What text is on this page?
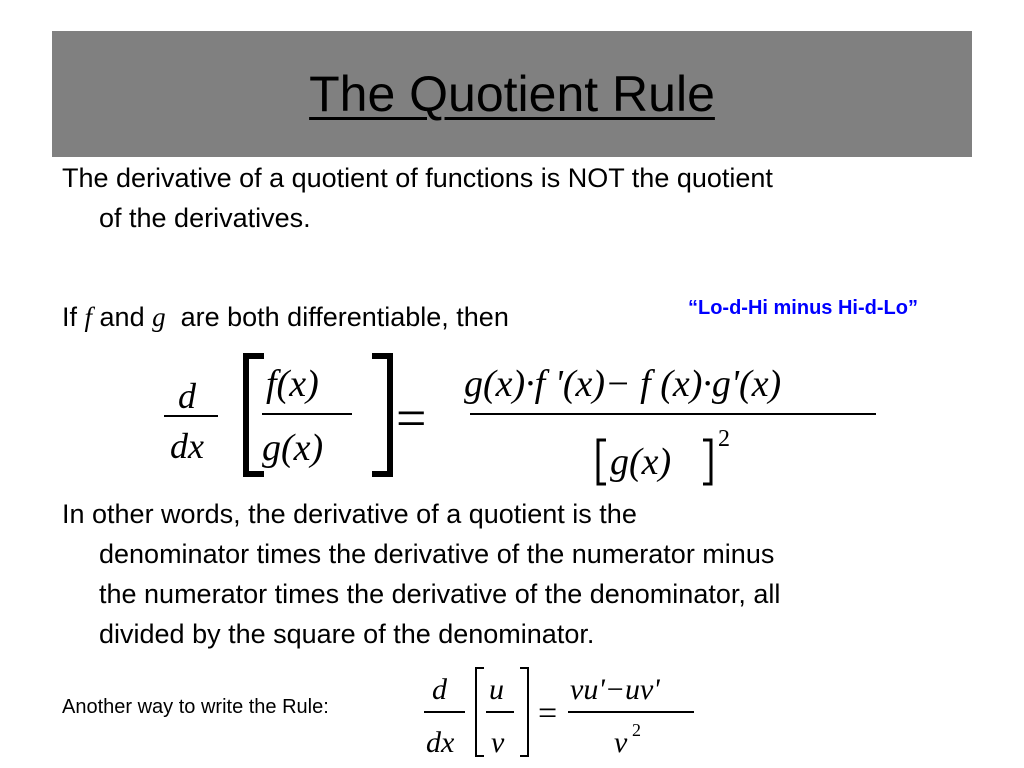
The Quotient Rule
The derivative of a quotient of functions is NOT the quotient
of the derivatives.
If f and g  are both differentiable, then	“Lo-d-Hi minus Hi-d-Lo”
d
dx
f(x)
g(x) =
g(x)·f '(x)− f (x)·g'(x)
g(x)
2
d
dx
u
v
=
vu'−uv'
v 2
In other words, the derivative of a quotient is the
denominator times the derivative of the numerator minus
the numerator times the derivative of the denominator, all
divided by the square of the denominator.
Another way to write the Rule:
